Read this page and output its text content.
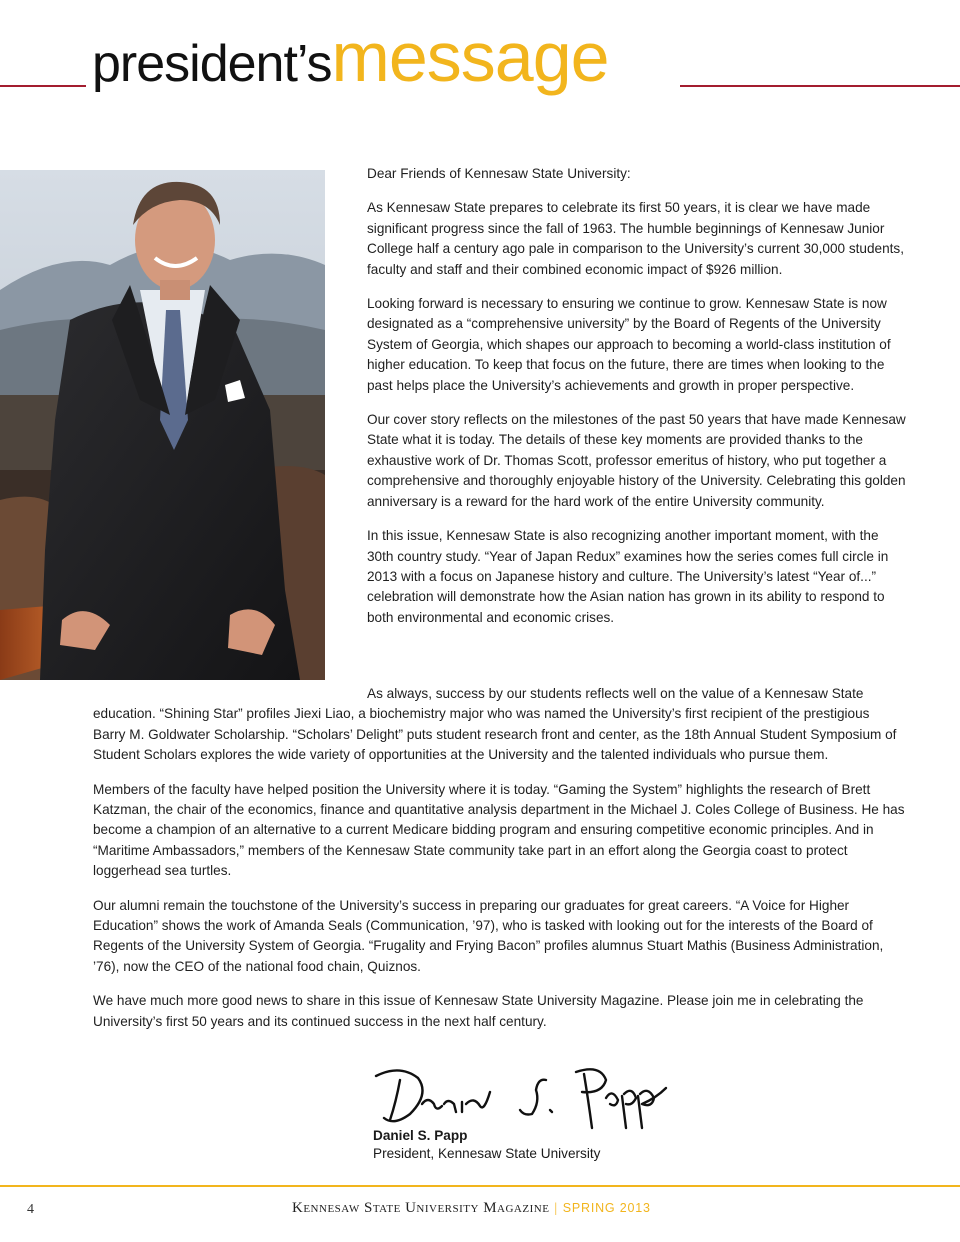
president’smessage

Dear Friends of Kennesaw State University:

As Kennesaw State prepares to celebrate its first 50 years, it is clear we have made significant progress since the fall of 1963. The humble beginnings of Kennesaw Junior College half a century ago pale in comparison to the University’s current 30,000 students, faculty and staff and their combined economic impact of $926 million.

Looking forward is necessary to ensuring we continue to grow. Kennesaw State is now designated as a “comprehensive university” by the Board of Regents of the University System of Georgia, which shapes our approach to becoming a world-class institution of higher education. To keep that focus on the future, there are times when looking to the past helps place the University’s achievements and growth in proper perspective.

Our cover story reflects on the milestones of the past 50 years that have made Kennesaw State what it is today. The details of these key moments are provided thanks to the exhaustive work of Dr. Thomas Scott, professor emeritus of history, who put together a comprehensive and thoroughly enjoyable history of the University. Celebrating this golden anniversary is a reward for the hard work of the entire University community.

In this issue, Kennesaw State is also recognizing another important moment, with the 30th country study. “Year of Japan Redux” examines how the series comes full circle in 2013 with a focus on Japanese history and culture. The University’s latest “Year of...” celebration will demonstrate how the Asian nation has grown in its ability to respond to both environmental and economic crises.

As always, success by our students reflects well on the value of a Kennesaw State education. “Shining Star” profiles Jiexi Liao, a biochemistry major who was named the University’s first recipient of the prestigious Barry M. Goldwater Scholarship. “Scholars’ Delight” puts student research front and center, as the 18th Annual Student Symposium of Student Scholars explores the wide variety of opportunities at the University and the talented individuals who pursue them.

Members of the faculty have helped position the University where it is today. “Gaming the System” highlights the research of Brett Katzman, the chair of the economics, finance and quantitative analysis department in the Michael J. Coles College of Business. He has become a champion of an alternative to a current Medicare bidding program and ensuring competitive economic principles. And in “Maritime Ambassadors,” members of the Kennesaw State community take part in an effort along the Georgia coast to protect loggerhead sea turtles.

Our alumni remain the touchstone of the University’s success in preparing our graduates for great careers. “A Voice for Higher Education” shows the work of Amanda Seals (Communication, ’97), who is tasked with looking out for the interests of the Board of Regents of the University System of Georgia. “Frugality and Frying Bacon” profiles alumnus Stuart Mathis (Business Administration, ’76), now the CEO of the national food chain, Quiznos.

We have much more good news to share in this issue of Kennesaw State University Magazine. Please join me in celebrating the University’s first 50 years and its continued success in the next half century.

Daniel S. Papp
President, Kennesaw State University
4	Kennesaw State University Magazine | SPRING 2013
